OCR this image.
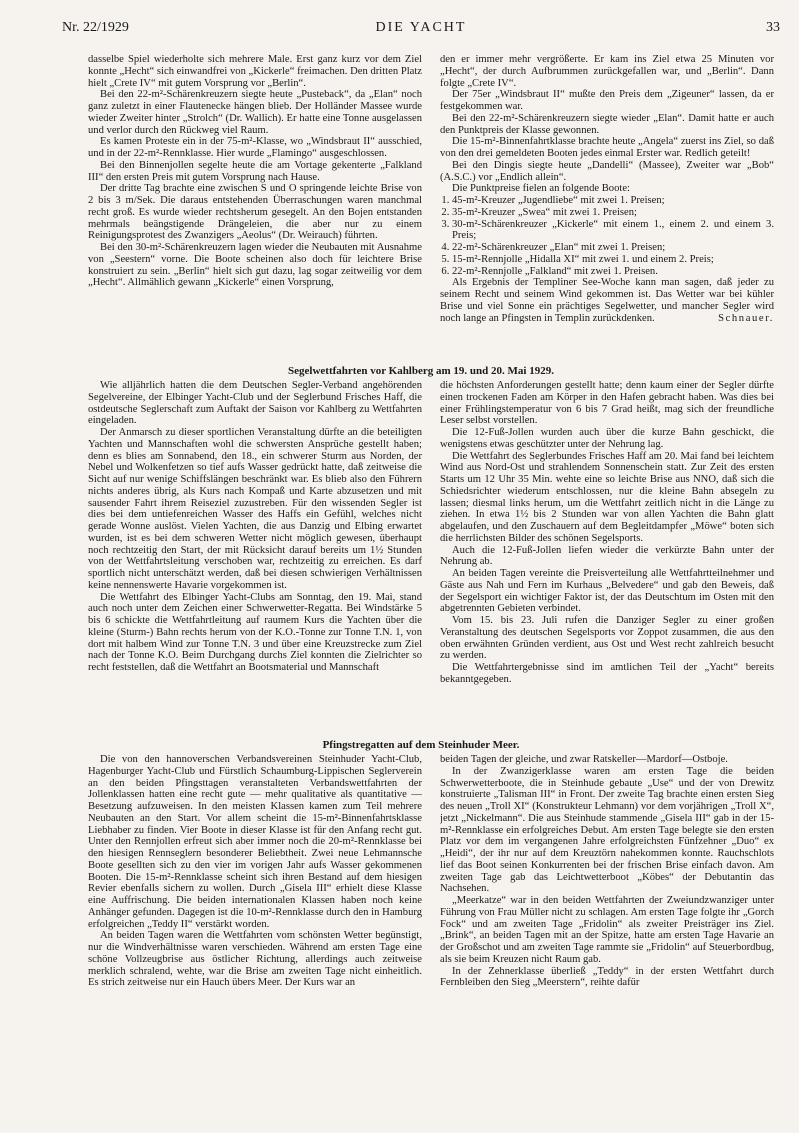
Nr. 22/1929	DIE YACHT	33

dasselbe Spiel wiederholte sich mehrere Male. Erst ganz kurz vor dem Ziel konnte „Hecht“ sich einwandfrei von „Kickerle“ freimachen. Den dritten Platz hielt „Crete IV“ mit gutem Vorsprung vor „Berlin“.

Bei den 22-m²-Schärenkreuzern siegte heute „Pusteback“, da „Elan“ noch ganz zuletzt in einer Flautenecke hängen blieb. Der Holländer Massee wurde wieder Zweiter hinter „Strolch“ (Dr. Wallich). Er hatte eine Tonne ausgelassen und verlor durch den Rückweg viel Raum.

Es kamen Proteste ein in der 75-m²-Klasse, wo „Windsbraut II“ ausschied, und in der 22-m²-Rennklasse. Hier wurde „Flamingo“ ausgeschlossen.

Bei den Binnenjollen segelte heute die am Vortage gekenterte „Falkland III“ den ersten Preis mit gutem Vorsprung nach Hause.

Der dritte Tag brachte eine zwischen S und O springende leichte Brise von 2 bis 3 m/Sek. Die daraus entstehenden Überraschungen waren manchmal recht groß. Es wurde wieder rechtsherum gesegelt. An den Bojen entstanden mehrmals beängstigende Drängeleien, die aber nur zu einem Reinigungsprotest des Zwanzigers „Aeolus“ (Dr. Weirauch) führten.

Bei den 30-m²-Schärenkreuzern lagen wieder die Neubauten mit Ausnahme von „Seestern“ vorne. Die Boote scheinen also doch für leichtere Brise konstruiert zu sein. „Berlin“ hielt sich gut dazu, lag sogar zeitweilig vor dem „Hecht“. Allmählich gewann „Kickerle“ einen Vorsprung,

den er immer mehr vergrößerte. Er kam ins Ziel etwa 25 Minuten vor „Hecht“, der durch Aufbrummen zurückgefallen war, und „Berlin“. Dann folgte „Crete IV“.

Der 75er „Windsbraut II“ mußte den Preis dem „Zigeuner“ lassen, da er festgekommen war.

Bei den 22-m²-Schärenkreuzern siegte wieder „Elan“. Damit hatte er auch den Punktpreis der Klasse gewonnen.

Die 15-m²-Binnenfahrtklasse brachte heute „Angela“ zuerst ins Ziel, so daß von den drei gemeldeten Booten jedes einmal Erster war. Redlich geteilt!

Bei den Dingis siegte heute „Dandelli“ (Massee), Zweiter war „Bob“ (A.S.C.) vor „Endlich allein“.

Die Punktpreise fielen an folgende Boote:

1. 45-m²-Kreuzer „Jugendliebe“ mit zwei 1. Preisen;
2. 35-m²-Kreuzer „Swea“ mit zwei 1. Preisen;
3. 30-m²-Schärenkreuzer „Kickerle“ mit einem 1., einem 2. und einem 3. Preis;
4. 22-m²-Schärenkreuzer „Elan“ mit zwei 1. Preisen;
5. 15-m²-Rennjolle „Hidalla XI“ mit zwei 1. und einem 2. Preis;
6. 22-m²-Rennjolle „Falkland“ mit zwei 1. Preisen.

Als Ergebnis der Templiner See-Woche kann man sagen, daß jeder zu seinem Recht und seinem Wind gekommen ist. Das Wetter war bei kühler Brise und viel Sonne ein prächtiges Segelwetter, und mancher Segler wird noch lange an Pfingsten in Templin zurückdenken.	Schnauer.

Segelwettfahrten vor Kahlberg am 19. und 20. Mai 1929.

Wie alljährlich hatten die dem Deutschen Segler-Verband angehörenden Segelvereine, der Elbinger Yacht-Club und der Seglerbund Frisches Haff, die ostdeutsche Seglerschaft zum Auftakt der Saison vor Kahlberg zu Wettfahrten eingeladen.

Der Anmarsch zu dieser sportlichen Veranstaltung dürfte an die beteiligten Yachten und Mannschaften wohl die schwersten Ansprüche gestellt haben; denn es blies am Sonnabend, den 18., ein schwerer Sturm aus Norden, der Nebel und Wolkenfetzen so tief aufs Wasser gedrückt hatte, daß zeitweise die Sicht auf nur wenige Schiffslängen beschränkt war. Es blieb also den Führern nichts anderes übrig, als Kurs nach Kompaß und Karte abzusetzen und mit sausender Fahrt ihrem Reiseziel zuzustreben. Für den wissenden Segler ist dies bei dem untiefenreichen Wasser des Haffs ein Gefühl, welches nicht gerade Wonne auslöst. Vielen Yachten, die aus Danzig und Elbing erwartet wurden, ist es bei dem schweren Wetter nicht möglich gewesen, überhaupt noch rechtzeitig den Start, der mit Rücksicht darauf bereits um 1½ Stunden von der Wettfahrtsleitung verschoben war, rechtzeitig zu erreichen. Es darf sportlich nicht unterschätzt werden, daß bei diesen schwierigen Verhältnissen keine nennenswerte Havarie vorgekommen ist.

Die Wettfahrt des Elbinger Yacht-Clubs am Sonntag, den 19. Mai, stand auch noch unter dem Zeichen einer Schwerwetter-Regatta. Bei Windstärke 5 bis 6 schickte die Wettfahrtleitung auf raumem Kurs die Yachten über die kleine (Sturm-) Bahn rechts herum von der K.O.-Tonne zur Tonne T.N. 1, von dort mit halbem Wind zur Tonne T.N. 3 und über eine Kreuzstrecke zum Ziel nach der Tonne K.O. Beim Durchgang durchs Ziel konnten die Zielrichter so recht feststellen, daß die Wettfahrt an Bootsmaterial und Mannschaft

die höchsten Anforderungen gestellt hatte; denn kaum einer der Segler dürfte einen trockenen Faden am Körper in den Hafen gebracht haben. Was dies bei einer Frühlingstemperatur von 6 bis 7 Grad heißt, mag sich der freundliche Leser selbst vorstellen.

Die 12-Fuß-Jollen wurden auch über die kurze Bahn geschickt, die wenigstens etwas geschützter unter der Nehrung lag.

Die Wettfahrt des Seglerbundes Frisches Haff am 20. Mai fand bei leichtem Wind aus Nord-Ost und strahlendem Sonnenschein statt. Zur Zeit des ersten Starts um 12 Uhr 35 Min. wehte eine so leichte Brise aus NNO, daß sich die Schiedsrichter wiederum entschlossen, nur die kleine Bahn absegeln zu lassen; diesmal links herum, um die Wettfahrt zeitlich nicht in die Länge zu ziehen. In etwa 1½ bis 2 Stunden war von allen Yachten die Bahn glatt abgelaufen, und den Zuschauern auf dem Begleitdampfer „Möwe“ boten sich die herrlichsten Bilder des schönen Segelsports.

Auch die 12-Fuß-Jollen liefen wieder die verkürzte Bahn unter der Nehrung ab.

An beiden Tagen vereinte die Preisverteilung alle Wettfahrtteilnehmer und Gäste aus Nah und Fern im Kurhaus „Belvedere“ und gab den Beweis, daß der Segelsport ein wichtiger Faktor ist, der das Deutschtum im Osten mit den abgetrennten Gebieten verbindet.

Vom 15. bis 23. Juli rufen die Danziger Segler zu einer großen Veranstaltung des deutschen Segelsports vor Zoppot zusammen, die aus den oben erwähnten Gründen verdient, aus Ost und West recht zahlreich besucht zu werden.

Die Wettfahrtergebnisse sind im amtlichen Teil der „Yacht“ bereits bekanntgegeben.

Pfingstregatten auf dem Steinhuder Meer.

Die von den hannoverschen Verbandsvereinen Steinhuder Yacht-Club, Hagenburger Yacht-Club und Fürstlich Schaumburg-Lippischen Seglerverein an den beiden Pfingsttagen veranstalteten Verbandswettfahrten der Jollenklassen hatten eine recht gute — mehr qualitative als quantitative — Besetzung aufzuweisen. In den meisten Klassen kamen zum Teil mehrere Neubauten an den Start. Vor allem scheint die 15-m²-Binnenfahrtsklasse Liebhaber zu finden. Vier Boote in dieser Klasse ist für den Anfang recht gut. Unter den Rennjollen erfreut sich aber immer noch die 20-m²-Rennklasse bei den hiesigen Rennseglern besonderer Beliebtheit. Zwei neue Lehmannsche Boote gesellten sich zu den vier im vorigen Jahr aufs Wasser gekommenen Booten. Die 15-m²-Rennklasse scheint sich ihren Bestand auf dem hiesigen Revier ebenfalls sichern zu wollen. Durch „Gisela III“ erhielt diese Klasse eine Auffrischung. Die beiden internationalen Klassen haben noch keine Anhänger gefunden. Dagegen ist die 10-m²-Rennklasse durch den in Hamburg erfolgreichen „Teddy II“ verstärkt worden.

An beiden Tagen waren die Wettfahrten vom schönsten Wetter begünstigt, nur die Windverhältnisse waren verschieden. Während am ersten Tage eine schöne Vollzeugbrise aus östlicher Richtung, allerdings auch zeitweise merklich schralend, wehte, war die Brise am zweiten Tage nicht einheitlich. Es strich zeitweise nur ein Hauch übers Meer. Der Kurs war an

beiden Tagen der gleiche, und zwar Ratskeller—Mardorf—Ostboje.

In der Zwanzigerklasse waren am ersten Tage die beiden Schwerwetterboote, die in Steinhude gebaute „Use“ und der von Drewitz konstruierte „Talisman III“ in Front. Der zweite Tag brachte einen ersten Sieg des neuen „Troll XI“ (Konstrukteur Lehmann) vor dem vorjährigen „Troll X“, jetzt „Nickelmann“. Die aus Steinhude stammende „Gisela III“ gab in der 15-m²-Rennklasse ein erfolgreiches Debut. Am ersten Tage belegte sie den ersten Platz vor dem im vergangenen Jahre erfolgreichsten Fünfzehner „Duo“ ex „Heidi“, der ihr nur auf dem Kreuztörn nahekommen konnte. Rauchschlots lief das Boot seinen Konkurrenten bei der frischen Brise einfach davon. Am zweiten Tage gab das Leichtwetterboot „Köbes“ der Debutantin das Nachsehen.

„Meerkatze“ war in den beiden Wettfahrten der Zweiundzwanziger unter Führung von Frau Müller nicht zu schlagen. Am ersten Tage folgte ihr „Gorch Fock“ und am zweiten Tage „Fridolin“ als zweiter Preisträger ins Ziel. „Brink“, an beiden Tagen mit an der Spitze, hatte am ersten Tage Havarie an der Großschot und am zweiten Tage rammte sie „Fridolin“ auf Steuerbordbug, als sie beim Kreuzen nicht Raum gab.

In der Zehnerklasse überließ „Teddy“ in der ersten Wettfahrt durch Fernbleiben den Sieg „Meerstern“, reihte dafür
